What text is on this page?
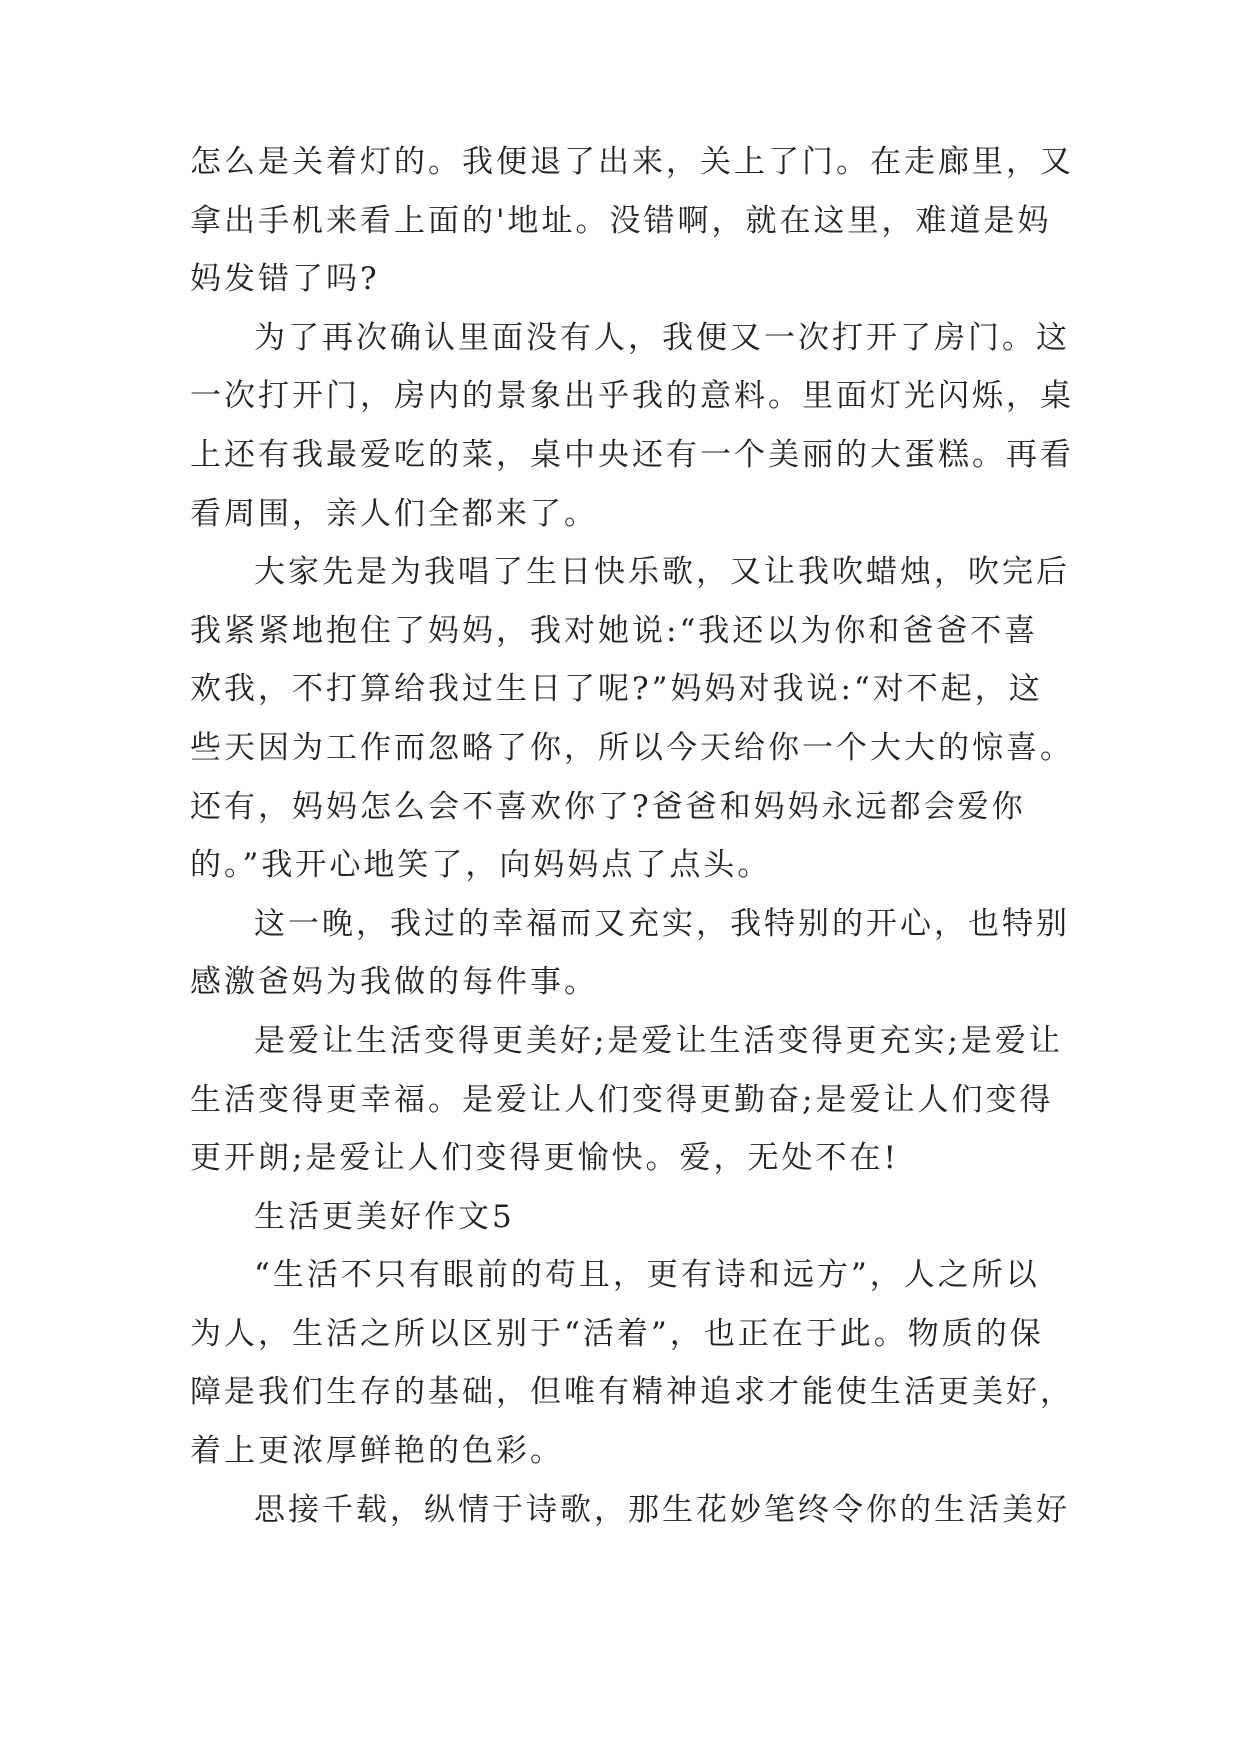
怎么是关着灯的。我便退了出来，关上了门。在走廊里，又
拿出手机来看上面的'地址。没错啊，就在这里，难道是妈
妈发错了吗?

为了再次确认里面没有人，我便又一次打开了房门。这
一次打开门，房内的景象出乎我的意料。里面灯光闪烁，桌
上还有我最爱吃的菜，桌中央还有一个美丽的大蛋糕。再看
看周围，亲人们全都来了。

大家先是为我唱了生日快乐歌，又让我吹蜡烛，吹完后
我紧紧地抱住了妈妈，我对她说:“我还以为你和爸爸不喜
欢我，不打算给我过生日了呢?”妈妈对我说:“对不起，这
些天因为工作而忽略了你，所以今天给你一个大大的惊喜。
还有，妈妈怎么会不喜欢你了?爸爸和妈妈永远都会爱你
的。”我开心地笑了，向妈妈点了点头。

这一晚，我过的幸福而又充实，我特别的开心，也特别
感激爸妈为我做的每件事。

是爱让生活变得更美好;是爱让生活变得更充实;是爱让
生活变得更幸福。是爱让人们变得更勤奋;是爱让人们变得
更开朗;是爱让人们变得更愉快。爱，无处不在!

生活更美好作文5

“生活不只有眼前的苟且，更有诗和远方”，人之所以
为人，生活之所以区别于“活着”，也正在于此。物质的保
障是我们生存的基础，但唯有精神追求才能使生活更美好，
着上更浓厚鲜艳的色彩。

思接千载，纵情于诗歌，那生花妙笔终令你的生活美好
